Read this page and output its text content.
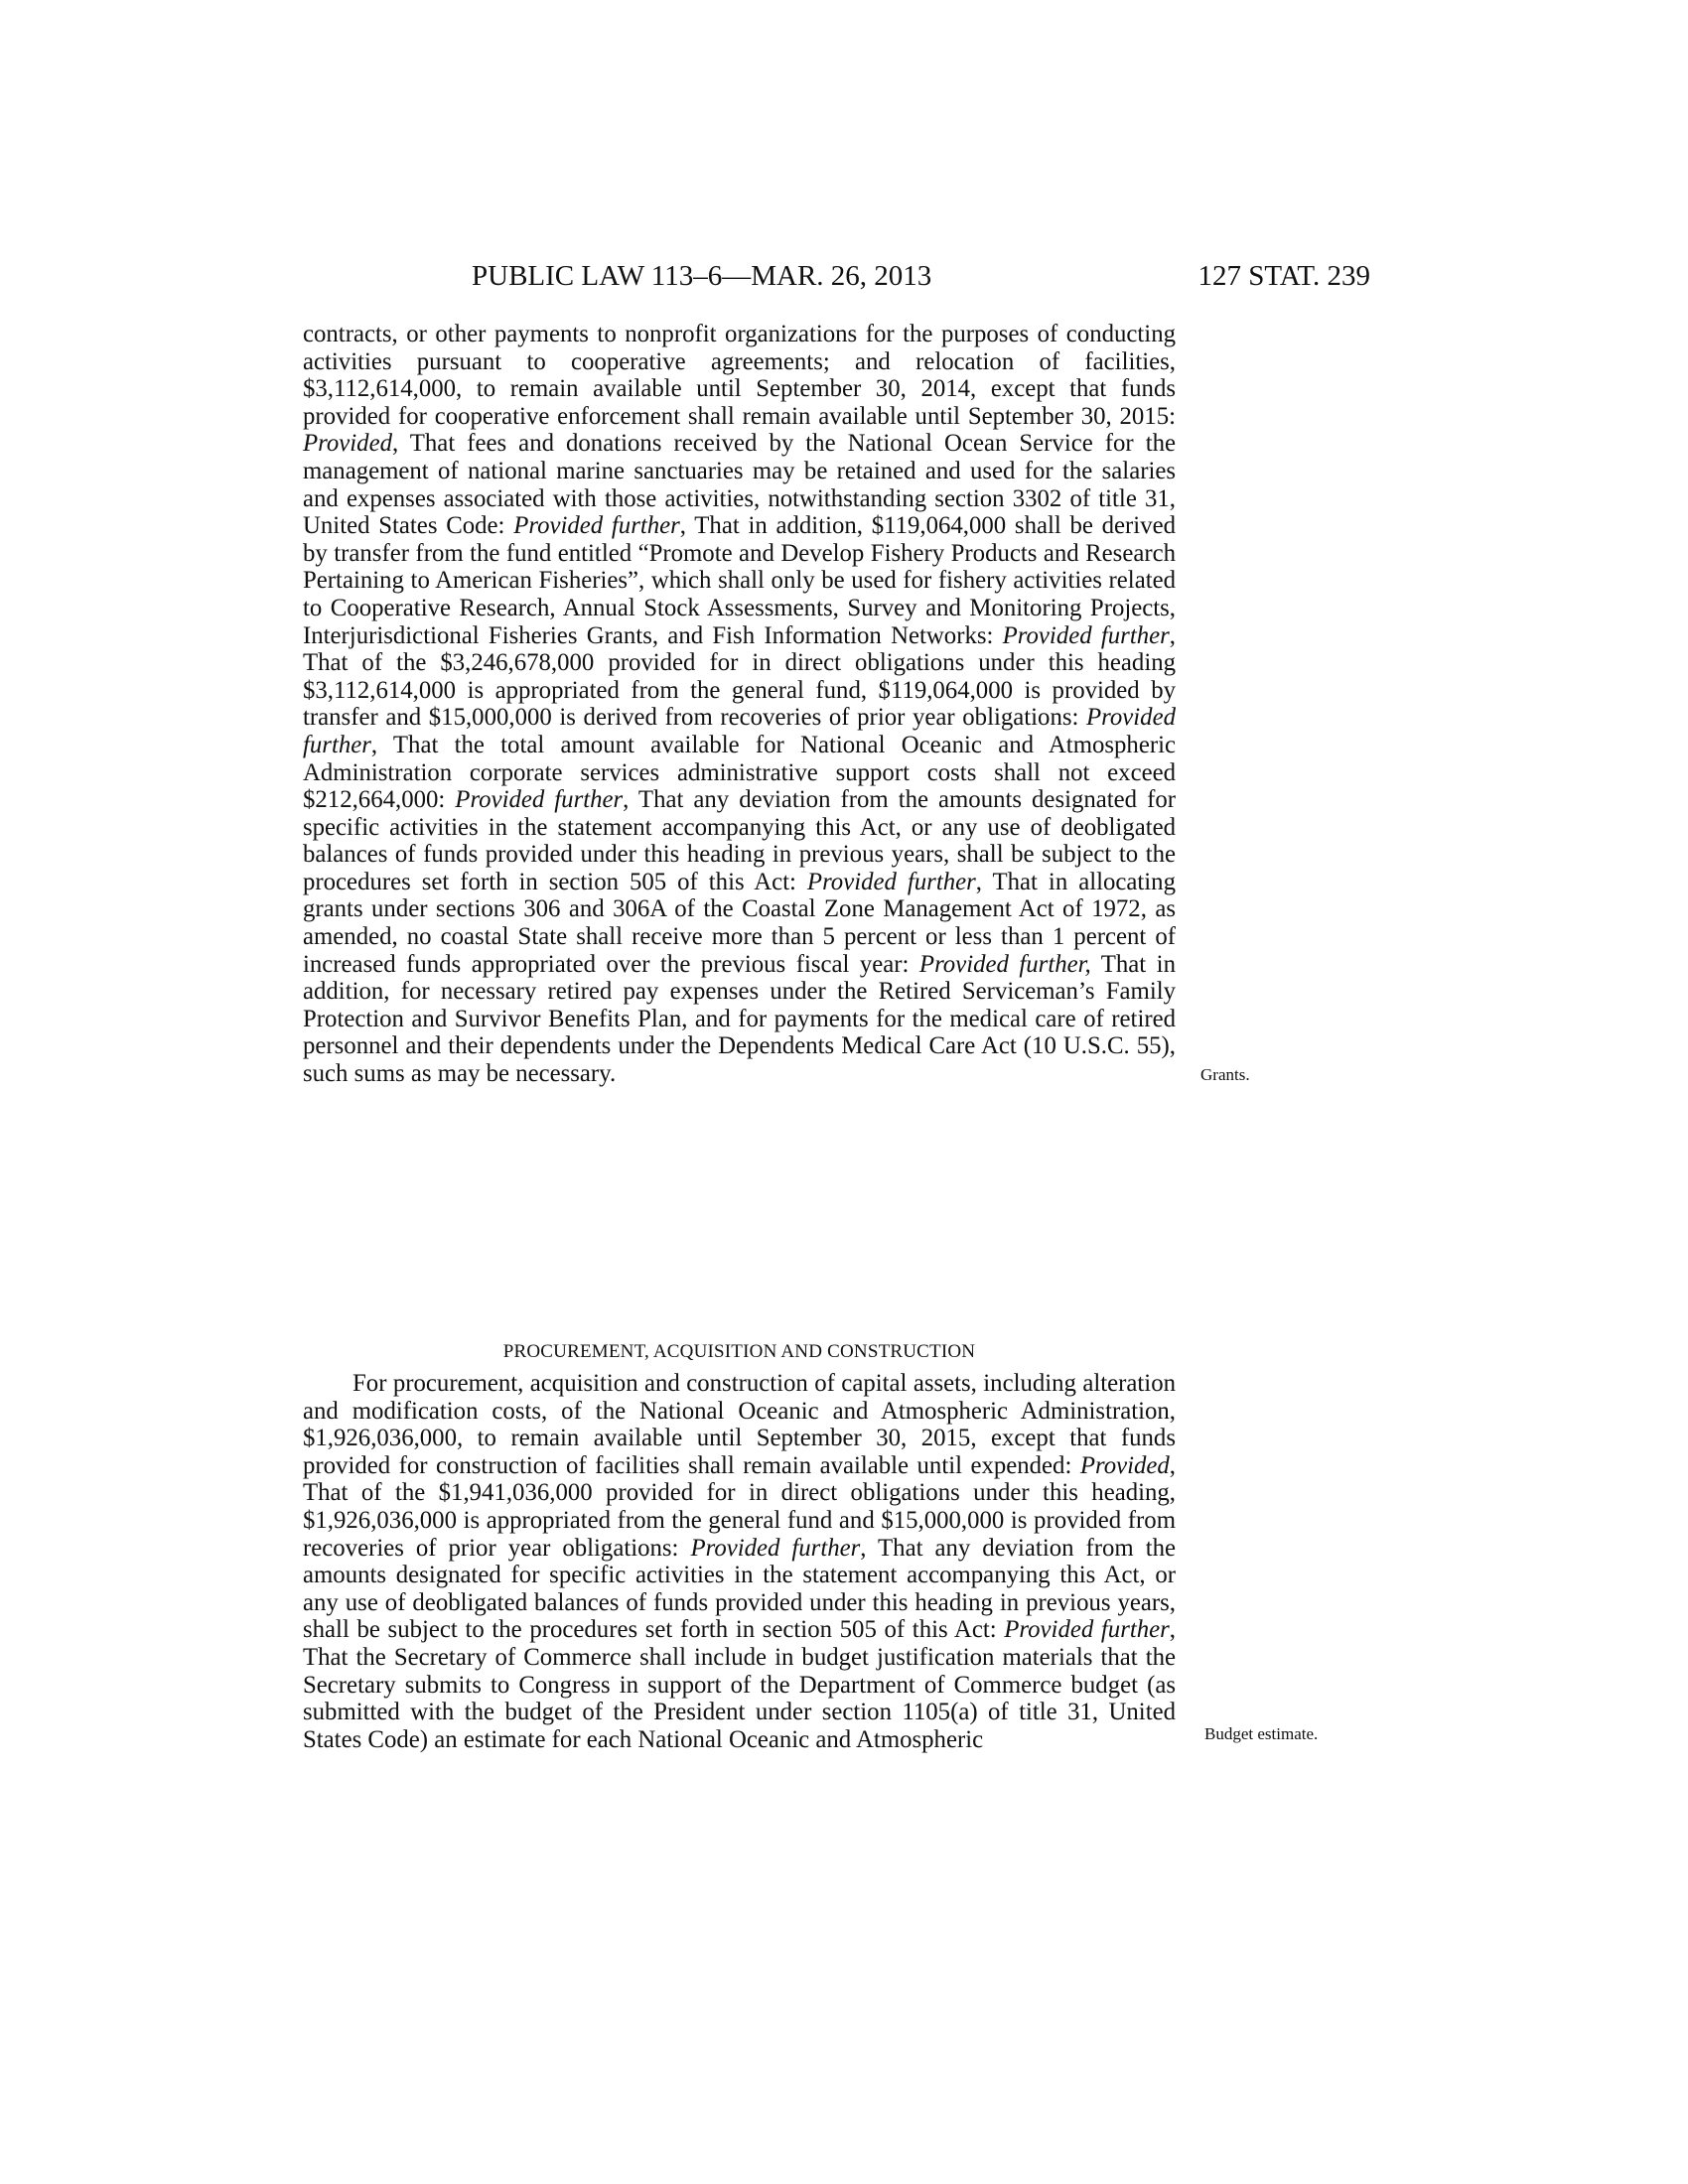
PUBLIC LAW 113–6—MAR. 26, 2013	127 STAT. 239
contracts, or other payments to nonprofit organizations for the purposes of conducting activities pursuant to cooperative agreements; and relocation of facilities, $3,112,614,000, to remain available until September 30, 2014, except that funds provided for cooperative enforcement shall remain available until September 30, 2015: Provided, That fees and donations received by the National Ocean Service for the management of national marine sanctuaries may be retained and used for the salaries and expenses associated with those activities, notwithstanding section 3302 of title 31, United States Code: Provided further, That in addition, $119,064,000 shall be derived by transfer from the fund entitled “Promote and Develop Fishery Products and Research Pertaining to American Fisheries”, which shall only be used for fishery activities related to Cooperative Research, Annual Stock Assessments, Survey and Monitoring Projects, Interjurisdictional Fisheries Grants, and Fish Information Networks: Provided further, That of the $3,246,678,000 provided for in direct obligations under this heading $3,112,614,000 is appropriated from the general fund, $119,064,000 is provided by transfer and $15,000,000 is derived from recoveries of prior year obligations: Provided further, That the total amount available for National Oceanic and Atmospheric Administration corporate services administrative support costs shall not exceed $212,664,000: Provided further, That any deviation from the amounts designated for specific activities in the statement accompanying this Act, or any use of deobligated balances of funds provided under this heading in previous years, shall be subject to the procedures set forth in section 505 of this Act: Provided further, That in allocating grants under sections 306 and 306A of the Coastal Zone Management Act of 1972, as amended, no coastal State shall receive more than 5 percent or less than 1 percent of increased funds appropriated over the previous fiscal year: Provided further, That in addition, for necessary retired pay expenses under the Retired Serviceman’s Family Protection and Survivor Benefits Plan, and for payments for the medical care of retired personnel and their dependents under the Dependents Medical Care Act (10 U.S.C. 55), such sums as may be necessary.
PROCUREMENT, ACQUISITION AND CONSTRUCTION
For procurement, acquisition and construction of capital assets, including alteration and modification costs, of the National Oceanic and Atmospheric Administration, $1,926,036,000, to remain available until September 30, 2015, except that funds provided for construction of facilities shall remain available until expended: Provided, That of the $1,941,036,000 provided for in direct obligations under this heading, $1,926,036,000 is appropriated from the general fund and $15,000,000 is provided from recoveries of prior year obligations: Provided further, That any deviation from the amounts designated for specific activities in the statement accompanying this Act, or any use of deobligated balances of funds provided under this heading in previous years, shall be subject to the procedures set forth in section 505 of this Act: Provided further, That the Secretary of Commerce shall include in budget justification materials that the Secretary submits to Congress in support of the Department of Commerce budget (as submitted with the budget of the President under section 1105(a) of title 31, United States Code) an estimate for each National Oceanic and Atmospheric
Grants.
Budget estimate.
